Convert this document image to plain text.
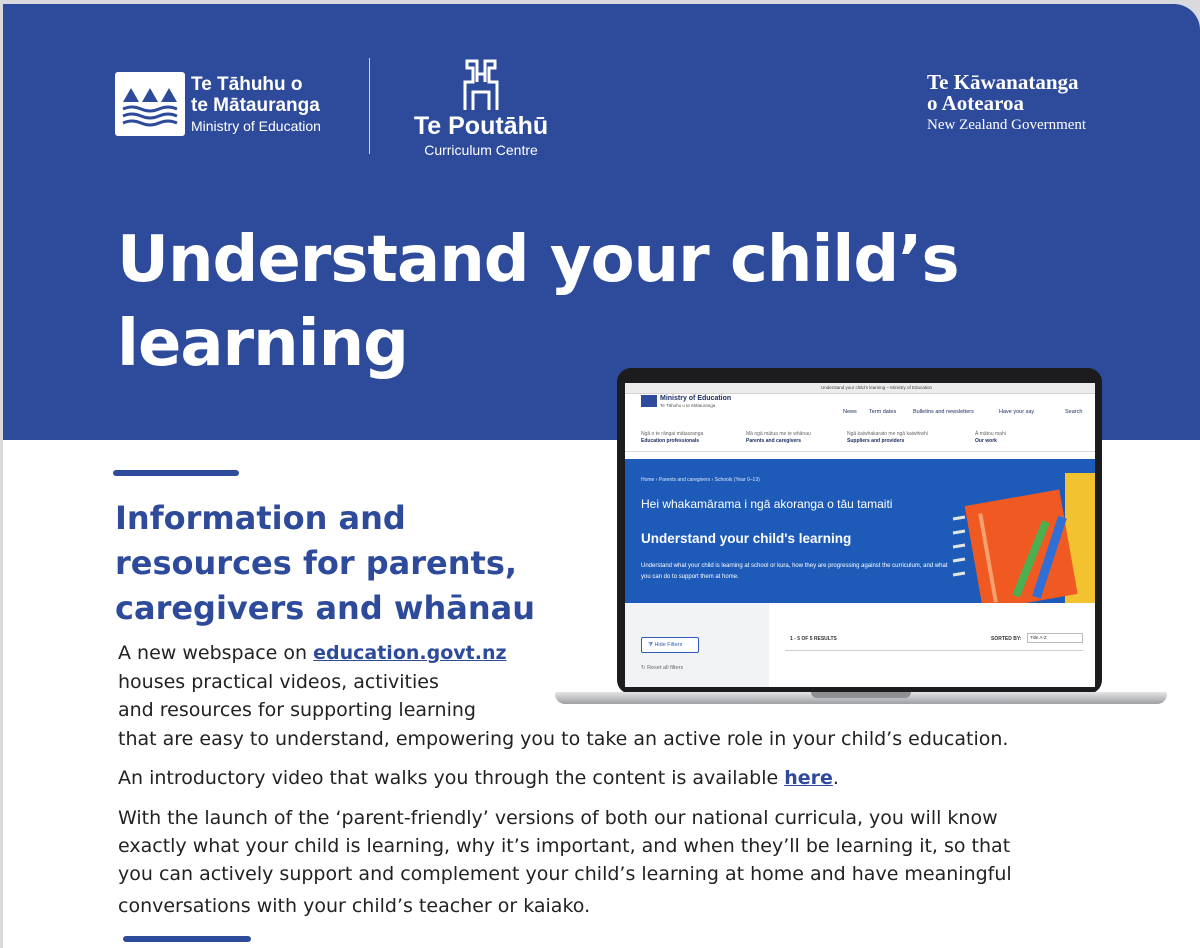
Te Tāhuhu o
te Mātauranga
Ministry of Education	Te Poutāhū
Curriculum Centre
Te Kāwanatanga
o Aotearoa
New Zealand Government
Understand your child’s learning
Information and resources for parents, caregivers and whānau
A new webspace on education.govt.nz
houses practical videos, activities
and resources for supporting learning
that are easy to understand, empowering you to take an active role in your child’s education.
An introductory video that walks you through the content is available here.
With the launch of the ‘parent-friendly’ versions of both our national curricula, you will know
exactly what your child is learning, why it’s important, and when they’ll be learning it, so that
you can actively support and complement your child’s learning at home and have meaningful
conversations with your child’s teacher or kaiako.
Understand your child’s learning – Ministry of Education
Ministry of Education
Te Tāhuhu o te Mātauranga
News Term dates	Bulletins and newsletters	Have your say	Search
Ngā o te rāngai mātauranga
Education professionals
Mā ngā mātua me te whānau
Parents and caregivers
Ngā kaiwhakarato me ngā kaiwhiwhi
Suppliers and providers
Ā mātou mahi
Our work
Home › Parents and caregivers › Schools (Year 0–13)
Hei whakamārama i ngā akoranga o tāu tamaiti
Understand your child's learning
Understand what your child is learning at school or kura, how they are progressing against the curriculum, and what you can do to support them at home.
⧩ Hide Filters
↻ Reset all filters
1 - 5 OF 5 RESULTS	SORTED BY:	Title A-Z
